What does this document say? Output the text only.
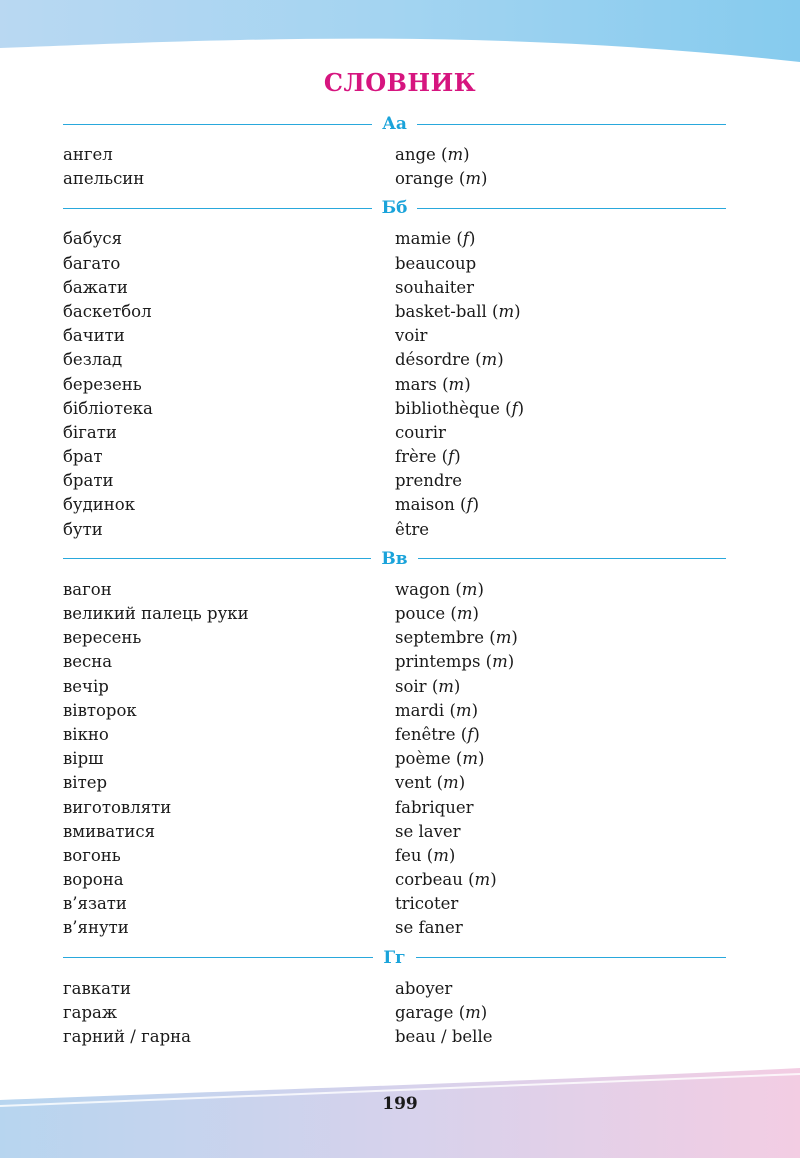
СЛОВНИК
Аа
ангел	ange (m)
апельсин	orange (m)
Бб
бабуся	mamie (f)
багато	beaucoup
бажати	souhaiter
баскетбол	basket-ball (m)
бачити	voir
безлад	désordre (m)
березень	mars (m)
бібліотека	bibliothèque (f)
бігати	courir
брат	frère (f)
брати	prendre
будинок	maison (f)
бути	être
Вв
вагон	wagon (m)
великий палець руки	pouce (m)
вересень	septembre (m)
весна	printemps (m)
вечір	soir (m)
вівторок	mardi (m)
вікно	fenêtre (f)
вірш	poème (m)
вітер	vent (m)
виготовляти	fabriquer
вмиватися	se laver
вогонь	feu (m)
ворона	corbeau (m)
в’язати	tricoter
в’янути	se faner
Гг
гавкати	aboyer
гараж	garage (m)
гарний / гарна	beau / belle
199
